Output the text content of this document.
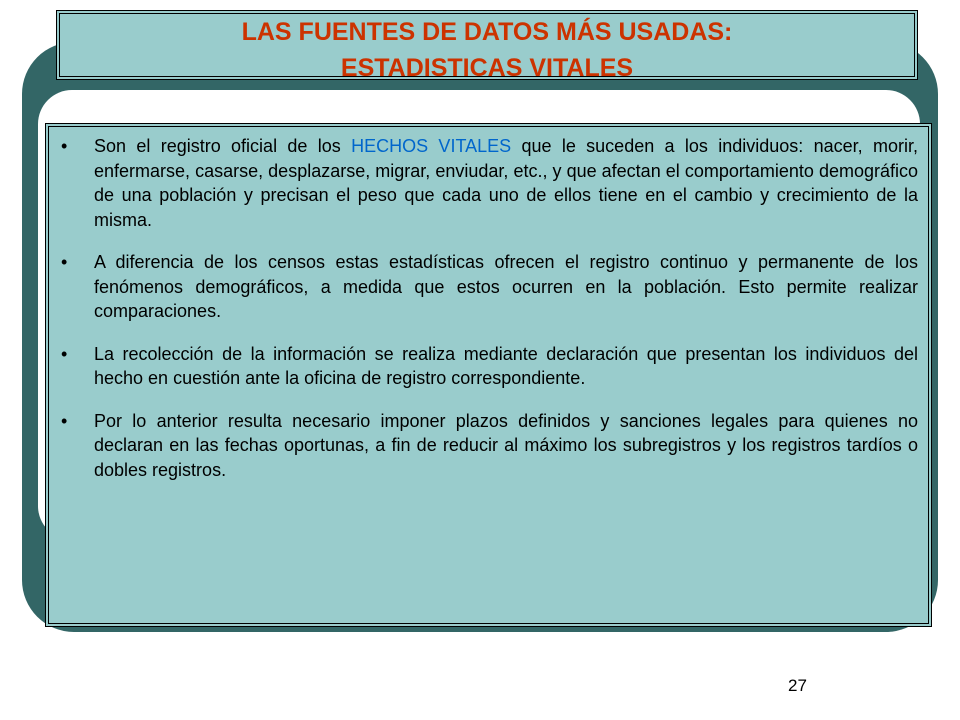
LAS FUENTES DE DATOS MÁS USADAS:
ESTADISTICAS VITALES
• Son el registro oficial de los HECHOS VITALES que le suceden a los individuos: nacer, morir, enfermarse, casarse, desplazarse, migrar, enviudar, etc., y que afectan el comportamiento demográfico de una población y precisan el peso que cada uno de ellos tiene en el cambio y crecimiento de la misma.
• A diferencia de los censos estas estadísticas ofrecen el registro continuo y permanente de los fenómenos demográficos, a medida que estos ocurren en la población. Esto permite realizar comparaciones.
• La recolección de la información se realiza mediante declaración que presentan los individuos del hecho en cuestión ante la oficina de registro correspondiente.
• Por lo anterior resulta necesario imponer plazos definidos y sanciones legales para quienes no declaran en las fechas oportunas, a fin de reducir al máximo los subregistros y los registros tardíos o dobles registros.
27
